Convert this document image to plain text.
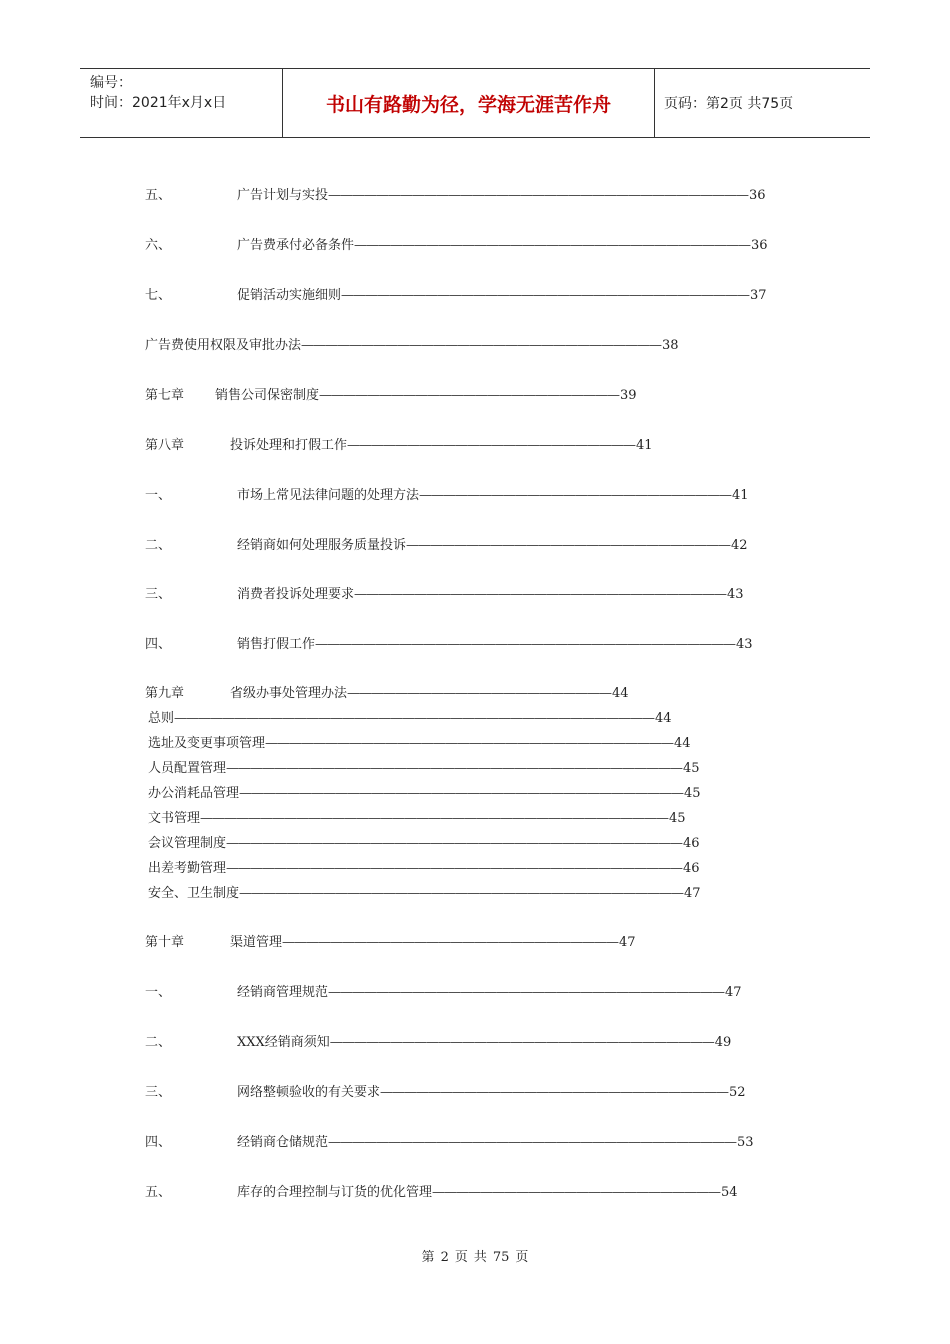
编号：
时间：2021年x月x日	书山有路勤为径，学海无涯苦作舟	页码：第2页 共75页
五、	广告计划与实投———————————————————————————————————36
六、	广告费承付必备条件—————————————————————————————————36
七、	促销活动实施细则——————————————————————————————————37
广告费使用权限及审批办法——————————————————————————————38
第七章 销售公司保密制度—————————————————————————39
第八章	投诉处理和打假工作————————————————————————41
一、	市场上常见法律问题的处理方法——————————————————————————41
二、	经销商如何处理服务质量投诉———————————————————————————42
三、	消费者投诉处理要求———————————————————————————————43
四、	销售打假工作———————————————————————————————————43
第九章	省级办事处管理办法——————————————————————44
总则————————————————————————————————————————44
选址及变更事项管理——————————————————————————————————44
人员配置管理——————————————————————————————————————45
办公消耗品管理—————————————————————————————————————45
文书管理———————————————————————————————————————45
会议管理制度——————————————————————————————————————46
出差考勤管理——————————————————————————————————————46
安全、卫生制度—————————————————————————————————————47
第十章	渠道管理————————————————————————————47
一、	经销商管理规范—————————————————————————————————47
二、	XXX经销商须知————————————————————————————————49
三、	网络整顿验收的有关要求—————————————————————————————52
四、	经销商仓储规范——————————————————————————————————53
五、	库存的合理控制与订货的优化管理————————————————————————54
第 2 页 共 75 页
